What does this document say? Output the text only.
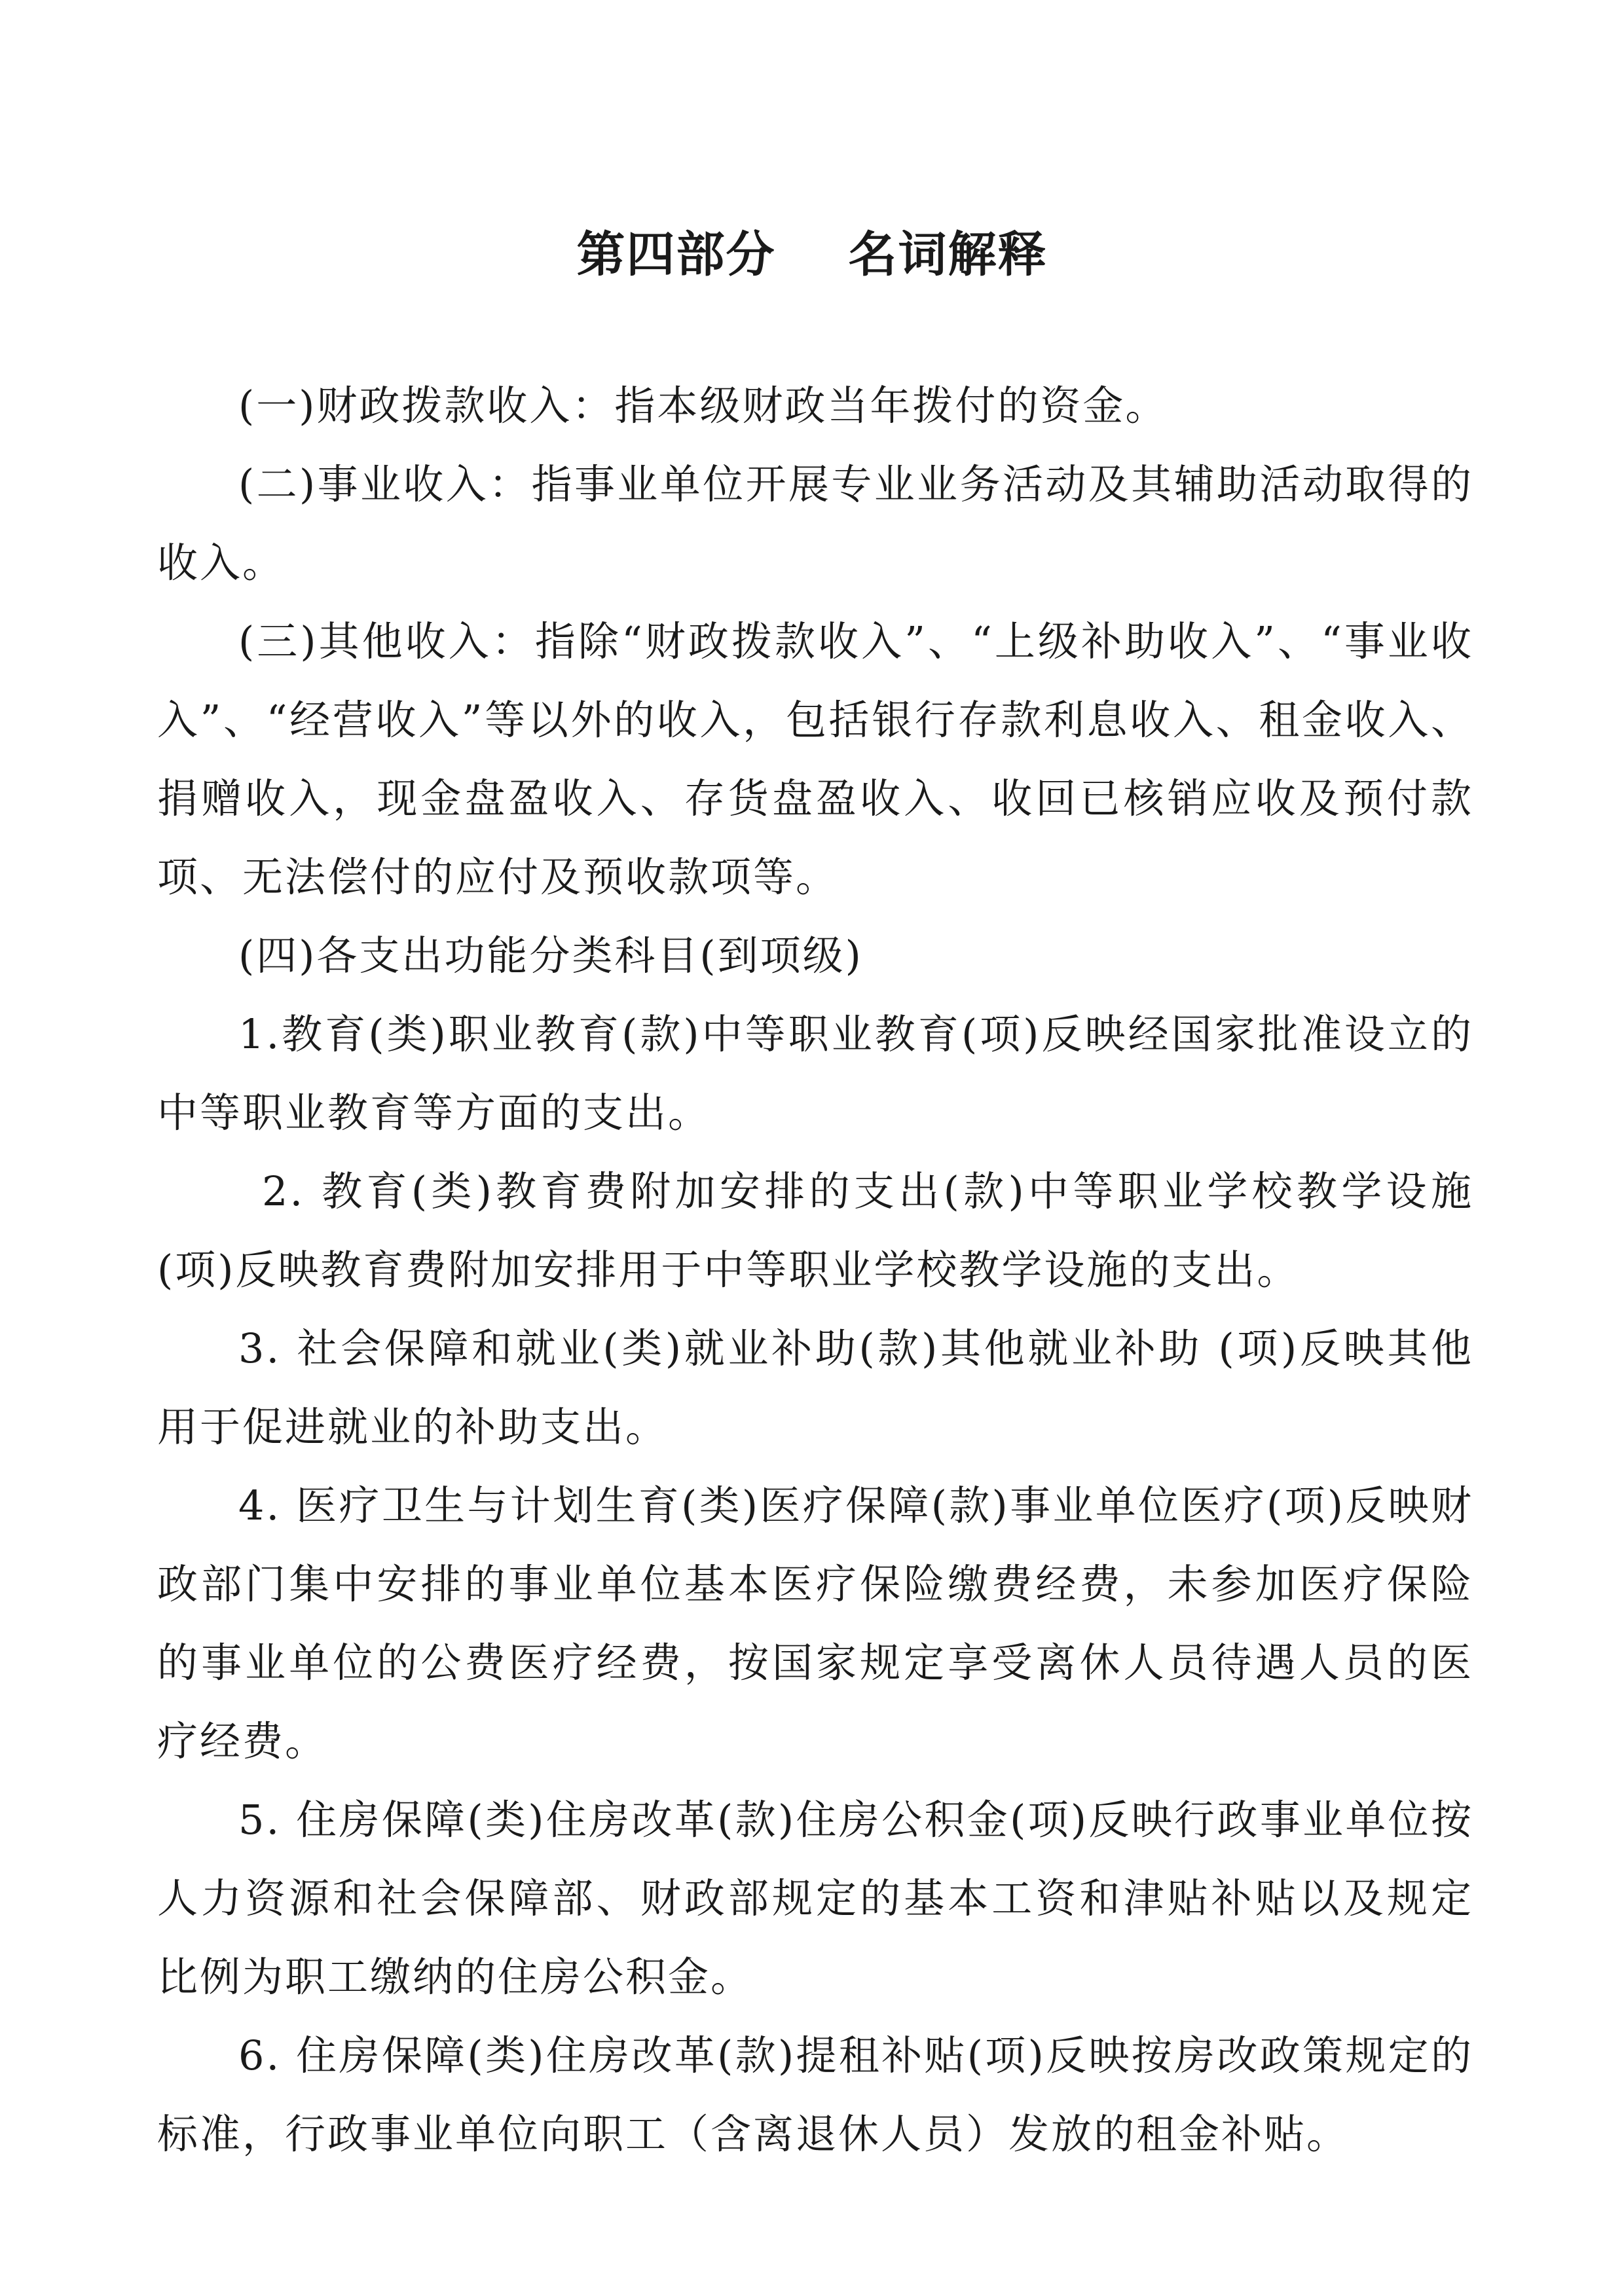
第四部分    名词解释

(一)财政拨款收入：指本级财政当年拨付的资金。

(二)事业收入：指事业单位开展专业业务活动及其辅助活动取得的收入。

(三)其他收入：指除“财政拨款收入”、“上级补助收入”、“事业收入”、“经营收入”等以外的收入，包括银行存款利息收入、租金收入、捐赠收入，现金盘盈收入、存货盘盈收入、收回已核销应收及预付款项、无法偿付的应付及预收款项等。

(四)各支出功能分类科目(到项级)

1.教育(类)职业教育(款)中等职业教育(项)反映经国家批准设立的中等职业教育等方面的支出。

2. 教育(类)教育费附加安排的支出(款)中等职业学校教学设施(项)反映教育费附加安排用于中等职业学校教学设施的支出。

3. 社会保障和就业(类)就业补助(款)其他就业补助 (项)反映其他用于促进就业的补助支出。

4. 医疗卫生与计划生育(类)医疗保障(款)事业单位医疗(项)反映财政部门集中安排的事业单位基本医疗保险缴费经费，未参加医疗保险的事业单位的公费医疗经费，按国家规定享受离休人员待遇人员的医疗经费。

5. 住房保障(类)住房改革(款)住房公积金(项)反映行政事业单位按人力资源和社会保障部、财政部规定的基本工资和津贴补贴以及规定比例为职工缴纳的住房公积金。

6. 住房保障(类)住房改革(款)提租补贴(项)反映按房改政策规定的标准，行政事业单位向职工（含离退休人员）发放的租金补贴。
